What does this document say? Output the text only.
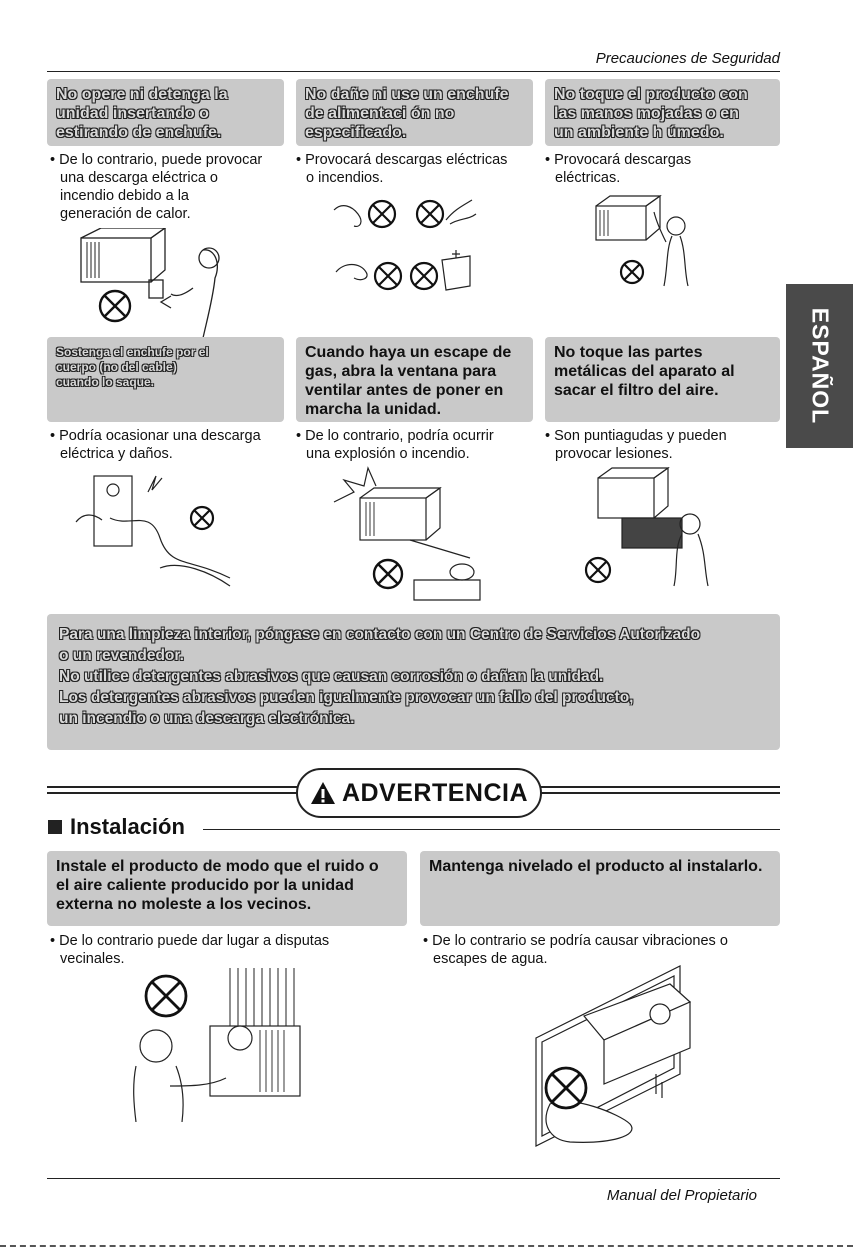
Precauciones de Seguridad
ESPAÑOL
No opere ni detenga la
unidad insertando o
estirando de enchufe.
No dañe ni use un enchufe
de alimentaci ón no
especificado.
No toque el producto con
las manos mojadas o en
un ambiente h úmedo.
• De lo contrario, puede provocar
una descarga eléctrica o
incendio debido a la
generación de calor.
• Provocará descargas eléctricas
o incendios.
• Provocará descargas
eléctricas.
Sostenga el enchufe por el
cuerpo (no del cable)
cuando lo saque.
Cuando haya un escape de
gas, abra la ventana para
ventilar antes de poner en
marcha la unidad.
No toque las partes
metálicas del aparato al
sacar el filtro del aire.
• Podría ocasionar una descarga
eléctrica y daños.
• De lo contrario, podría ocurrir
una explosión o incendio.
• Son puntiagudas y pueden
provocar lesiones.
Para una limpieza interior, póngase en contacto con un Centro de Servicios Autorizado
o un revendedor.
No utilice detergentes abrasivos que causan corrosión o dañan la unidad.
Los detergentes abrasivos pueden igualmente provocar un fallo del producto,
un incendio o una descarga electrónica.
ADVERTENCIA
Instalación
Instale el producto de modo que el ruido o
el aire caliente producido por la unidad
externa no moleste a los vecinos.
Mantenga nivelado el producto al instalarlo.
• De lo contrario puede dar lugar a disputas
vecinales.
• De lo contrario se podría causar vibraciones o
escapes de agua.
Manual del Propietario
